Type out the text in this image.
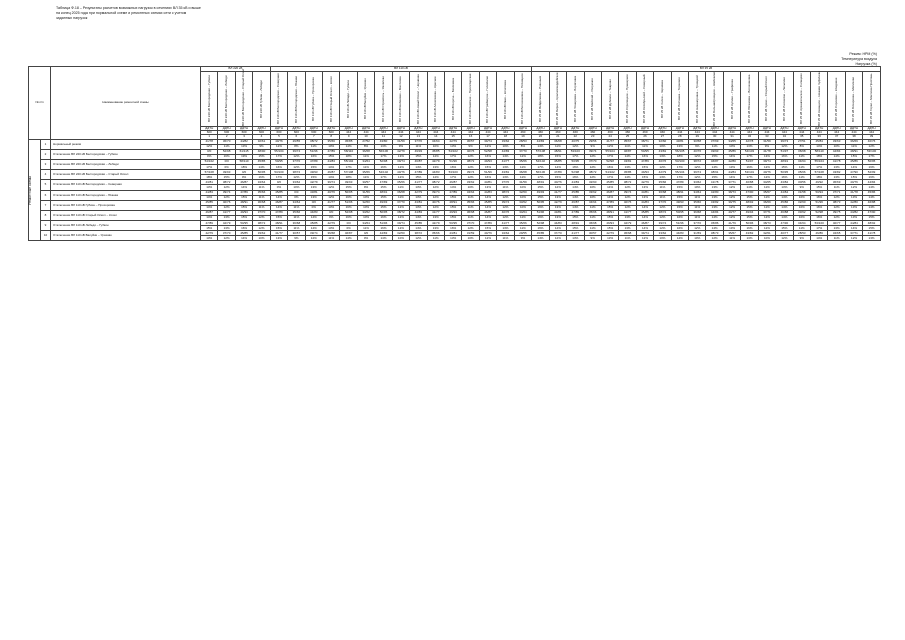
Таблица Ф.18 – Результаты расчетов возможных нагрузок в сечениях ВЛ 35 кВ и выше
на конец 2025 года при нормальной схеме и ремонтных схемах сети с учетом
заданных нагрузок
Режим: НРМ (%)
Температура воздуха
Нагрузка (%)
№ п/п		Наименование ремонтной схемы	ВЛ 220 кВ				ВЛ 110 кВ															ВЛ 35 кВ																			

			ВЛ 220 кВ Белгородская – Губкин	ВЛ 220 кВ Белгородская – Лебеди	ВЛ 220 кВ Белгородская – Старый Оскол	ВЛ 220 кВ Губкин – Лебеди	ВЛ 110 кВ Белгородская – Северная	ВЛ 110 кВ Белгородская – Южная	ВЛ 110 кВ Губкин – Прохоровка	ВЛ 110 кВ Старый Оскол – Котел	ВЛ 110 кВ Лебеди – Губкин	ВЛ 110 кВ Валуйки – Уразово	ВЛ 110 кВ Строитель – Яковлево	ВЛ 110 кВ Шебекино – Масловка	ВЛ 110 кВ Новый Оскол – Чернянка	ВЛ 110 кВ Алексеевка – Красное	ВЛ 110 кВ Короча – Бехтеевка	ВЛ 110 кВ Ракитное – Пролетарская	ВЛ 110 кВ Грайворон – Головчино	ВЛ 110 кВ Ивня – Кочетовка	ВЛ 110 кВ Волоконовка – Пятницкое	ВЛ 35 кВ Вейделевка – Ровеньки	ВЛ 35 кВ Бирюч – Красногвардейское	ВЛ 35 кВ Томаровка – Борисовка	ВЛ 35 кВ Майский – Разумное	ВЛ 35 кВ Дубовое – Таврово	ВЛ 35 кВ Стрелецкое – Пушкарное	ВЛ 35 кВ Октябрьский – Северный	ВЛ 35 кВ Холки – Чернянка	ВЛ 35 кВ Песчанка – Терновое	ВЛ 35 кВ Никаноровка – Троицкий	ВЛ 35 кВ Большетроицкое – Шебекино	ВЛ 35 кВ Купино – Графовка	ВЛ 35 кВ Ютановка – Волоконовка	ВЛ 35 кВ Чуево – Старый Оскол	ВЛ 35 кВ Роговатое – Лапыгино	ВЛ 35 кВ Архангельское – Солнцево	ВЛ 35 кВ Казацкое – Нижнее Чуфичево	ВЛ 35 кВ Сорокино – Кладовое	ВЛ 35 кВ Бочаровка – Мелихово	ВЛ 35 кВ Горки – Маслова Пристань

			ДДТН	ДДТН	ДДТН	ДДТН	ДДТН	ДДТН	ДДТН	ДДТН	ДДТН	ДДТН	ДДТН	ДДТН	ДДТН	ДДТН	ДДТН	ДДТН	ДДТН	ДДТН	ДДТН	ДДТН	ДДТН	ДДТН	ДДТН	ДДТН	ДДТН	ДДТН	ДДТН	ДДТН	ДДТН	ДДТН	ДДТН	ДДТН	ДДТН	ДДТН	ДДТН	ДДТН	ДДТН	ДДТН	ДДТН
			600	600	600	600	600	600	600	600	444	444	444	444	444	444	444	444	444	444	460	460	460	460	460	460	460	460	460	444	444	444	444	444	444	444	444	444	444	444	444
			1	2	3	4	5	6	7	8	9	10	11	12	13	14	15	16	17	18	19	20	21	22	23	24	25	26	27	28	29	30	31	32	33	34	35	36	37	38	39

Ремонтные схемы	1	Нормальный режим	41/78	36/70	44/82	32/61	40/76	29/55	38/72	35/66	45/85	27/52	43/80	31/59	37/70	34/64	42/79	30/57	39/74	33/62	28/53	44/83	36/68	40/75	29/56	41/77	35/67	38/71	32/60	43/81	30/58	37/69	34/65	42/78	31/59	39/73	27/51	45/84	33/63	36/69	40/76
			12%	11%	13%	9%	12%	8%	11%	10%	14%	8%	13%	9%	11%	10%	13%	9%	12%	10%	8%	14%	11%	12%	9%	12%	11%	11%	10%	13%	9%	11%	10%	13%	9%	12%	8%	14%	10%	11%	12%
	2	Отключение ВЛ 220 кВ Белгородская – Губкин	0/0	52/98	61/115	48/90	55/104	39/74	51/96	47/89	58/110	36/68	56/106	42/79	49/93	45/85	54/102	40/76	52/98	44/83	37/70	57/108	48/91	53/100	39/74	55/104	46/87	50/95	43/81	56/105	40/76	49/93	45/86	54/103	41/78	51/97	36/68	58/110	44/84	48/91	53/100
			0%	16%	19%	15%	17%	12%	16%	15%	18%	11%	17%	13%	15%	14%	17%	12%	16%	14%	12%	18%	15%	17%	12%	17%	14%	16%	13%	18%	12%	15%	14%	17%	13%	16%	11%	18%	14%	15%	17%
	3	Отключение ВЛ 220 кВ Белгородская – Лебеди	54/102	0/0	58/110	45/85	50/95	37/70	47/89	44/83	55/104	34/64	52/98	39/74	46/87	42/79	51/96	38/72	49/93	41/77	35/66	54/102	45/85	50/95	37/70	52/98	43/81	47/89	40/76	53/100	38/72	46/87	42/80	51/97	39/74	48/91	34/64	55/104	41/78	45/86	50/95
			17%	0%	18%	14%	16%	12%	15%	14%	17%	11%	16%	12%	14%	13%	16%	12%	15%	13%	11%	17%	14%	16%	12%	16%	13%	15%	12%	17%	12%	14%	13%	16%	12%	15%	11%	17%	13%	14%	16%
	4	Отключение ВЛ 220 кВ Белгородская – Старый Оскол	57/108	49/93	0/0	50/95	53/100	38/72	49/93	46/87	57/108	35/66	54/102	40/76	47/89	44/83	53/100	39/74	51/96	43/81	36/68	56/106	47/89	52/98	38/72	54/102	45/85	49/93	42/79	55/104	39/74	48/91	44/84	53/101	40/76	50/95	35/66	57/108	43/82	47/90	52/99
			18%	15%	0%	16%	17%	12%	15%	14%	18%	11%	17%	12%	15%	14%	17%	12%	16%	13%	11%	17%	15%	16%	12%	17%	14%	15%	13%	17%	12%	15%	14%	17%	12%	16%	11%	18%	13%	15%	16%
	5	Отключение ВЛ 110 кВ Белгородская – Северная	43/81	38/72	46/87	34/64	0/0	33/62	42/79	39/74	49/93	30/57	47/89	35/66	41/77	38/72	46/87	33/62	43/81	37/70	31/59	48/91	40/76	44/83	32/60	45/85	38/72	42/79	35/66	47/89	33/62	41/78	37/71	46/88	34/65	43/82	30/56	49/92	36/69	40/76	44/84
			13%	12%	14%	11%	0%	10%	13%	12%	15%	9%	15%	11%	13%	12%	14%	10%	13%	11%	10%	15%	12%	14%	10%	14%	12%	13%	11%	15%	10%	13%	12%	14%	11%	13%	9%	15%	11%	12%	14%
	6	Отключение ВЛ 110 кВ Белгородская – Южная	44/83	39/74	47/89	35/66	45/85	0/0	43/81	40/76	50/95	31/59	48/91	36/68	42/79	39/74	47/89	34/64	44/83	38/72	32/60	49/93	41/77	45/85	33/62	46/87	39/74	43/81	36/68	48/91	34/64	42/80	38/73	47/90	35/67	44/84	31/58	50/94	37/71	41/78	45/86
			14%	12%	15%	11%	14%	0%	13%	12%	16%	10%	15%	11%	13%	12%	15%	11%	14%	12%	10%	15%	13%	14%	10%	14%	12%	13%	11%	15%	11%	13%	12%	15%	11%	14%	10%	16%	12%	13%	14%
	7	Отключение ВЛ 110 кВ Губкин – Прохоровка	45/85	40/76	48/91	36/68	46/87	34/64	0/0	41/77	51/96	32/60	49/93	37/70	43/81	40/76	48/91	35/66	45/85	39/74	33/62	50/95	42/79	46/87	34/64	47/89	40/76	44/83	37/70	49/93	35/66	43/82	39/75	48/92	36/69	45/86	32/60	51/96	38/73	42/80	46/88
			14%	12%	15%	11%	14%	11%	0%	13%	16%	10%	15%	12%	13%	12%	15%	11%	14%	12%	10%	16%	13%	14%	11%	15%	12%	14%	12%	15%	11%	13%	12%	15%	11%	14%	10%	16%	12%	13%	14%
	8	Отключение ВЛ 110 кВ Старый Оскол – Котел	46/87	41/77	49/93	37/70	47/89	35/66	44/83	0/0	52/98	33/62	50/95	38/72	44/83	41/77	49/93	36/68	46/87	40/76	34/64	51/96	43/81	47/89	35/66	48/91	41/77	45/85	38/72	50/95	36/68	44/84	40/77	49/94	37/71	46/88	33/62	52/98	39/75	43/82	47/90
			14%	13%	15%	12%	15%	11%	14%	0%	16%	10%	16%	12%	14%	13%	15%	11%	14%	12%	11%	16%	13%	15%	11%	15%	13%	14%	12%	16%	11%	14%	12%	15%	12%	14%	10%	16%	12%	13%	15%
	9	Отключение ВЛ 110 кВ Лебеди – Губкин	47/89	42/79	50/95	38/72	48/91	36/68	45/85	42/79	0/0	34/64	51/96	39/74	45/85	42/79	50/95	37/70	47/89	41/77	35/66	52/98	44/83	48/91	36/68	49/93	42/79	46/87	39/74	51/96	37/70	45/86	41/79	50/96	38/73	47/90	34/64	53/100	40/77	44/84	48/92
			15%	13%	16%	12%	15%	11%	14%	13%	0%	11%	16%	12%	14%	13%	16%	12%	15%	13%	11%	16%	14%	15%	11%	15%	13%	14%	12%	16%	12%	14%	13%	16%	12%	15%	11%	17%	13%	14%	15%
	10	Отключение ВЛ 110 кВ Валуйки – Уразово	42/79	37/70	45/85	33/62	41/77	30/57	39/74	36/68	46/87	0/0	44/83	32/60	38/72	35/66	43/81	31/59	40/76	34/64	29/55	45/85	37/70	41/77	30/57	42/79	36/68	39/74	33/62	44/83	31/59	38/73	35/67	43/82	32/61	40/77	28/53	46/86	34/65	37/71	41/78
			13%	12%	14%	10%	13%	9%	12%	11%	14%	0%	14%	10%	12%	11%	13%	10%	12%	11%	9%	14%	12%	13%	9%	13%	11%	12%	10%	14%	10%	12%	11%	13%	10%	12%	9%	14%	11%	12%	13%
